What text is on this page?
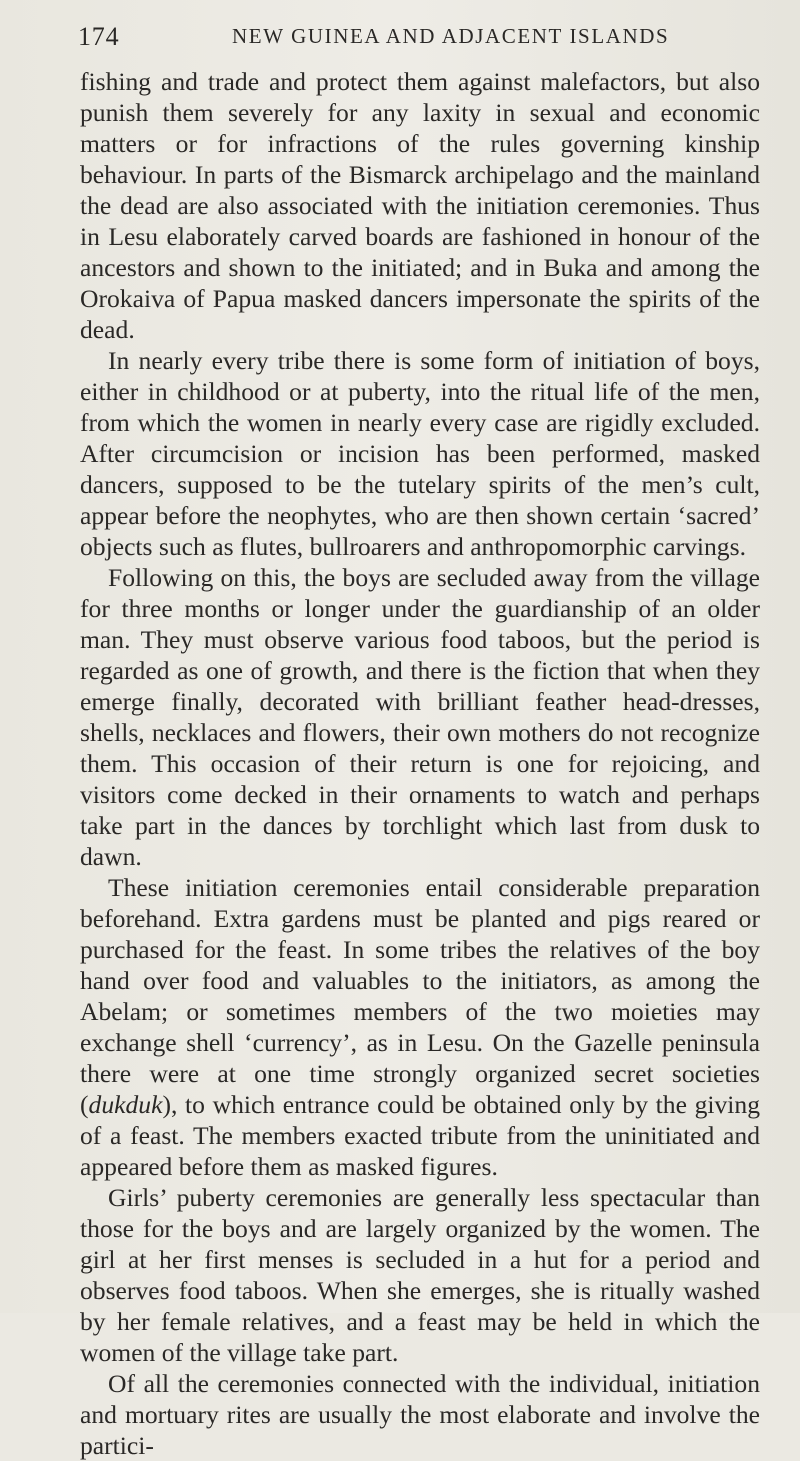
174	NEW GUINEA AND ADJACENT ISLANDS

fishing and trade and protect them against malefactors, but also punish them severely for any laxity in sexual and economic matters or for infractions of the rules governing kinship behaviour. In parts of the Bismarck archipelago and the mainland the dead are also associated with the initiation ceremonies. Thus in Lesu elaborately carved boards are fashioned in honour of the ancestors and shown to the initiated; and in Buka and among the Orokaiva of Papua masked dancers impersonate the spirits of the dead.

In nearly every tribe there is some form of initiation of boys, either in childhood or at puberty, into the ritual life of the men, from which the women in nearly every case are rigidly excluded. After circumcision or incision has been performed, masked dancers, supposed to be the tutelary spirits of the men’s cult, appear before the neophytes, who are then shown certain ‘sacred’ objects such as flutes, bullroarers and anthropomorphic carvings.

Following on this, the boys are secluded away from the village for three months or longer under the guardianship of an older man. They must observe various food taboos, but the period is regarded as one of growth, and there is the fiction that when they emerge finally, decorated with brilliant feather head-dresses, shells, necklaces and flowers, their own mothers do not recognize them. This occasion of their return is one for rejoicing, and visitors come decked in their ornaments to watch and perhaps take part in the dances by torchlight which last from dusk to dawn.

These initiation ceremonies entail considerable preparation beforehand. Extra gardens must be planted and pigs reared or purchased for the feast. In some tribes the relatives of the boy hand over food and valuables to the initiators, as among the Abelam; or sometimes members of the two moieties may exchange shell ‘currency’, as in Lesu. On the Gazelle peninsula there were at one time strongly organized secret societies (dukduk), to which entrance could be obtained only by the giving of a feast. The members exacted tribute from the uninitiated and appeared before them as masked figures.

Girls’ puberty ceremonies are generally less spectacular than those for the boys and are largely organized by the women. The girl at her first menses is secluded in a hut for a period and observes food taboos. When she emerges, she is ritually washed by her female relatives, and a feast may be held in which the women of the village take part.

Of all the ceremonies connected with the individual, initiation and mortuary rites are usually the most elaborate and involve the partici-
